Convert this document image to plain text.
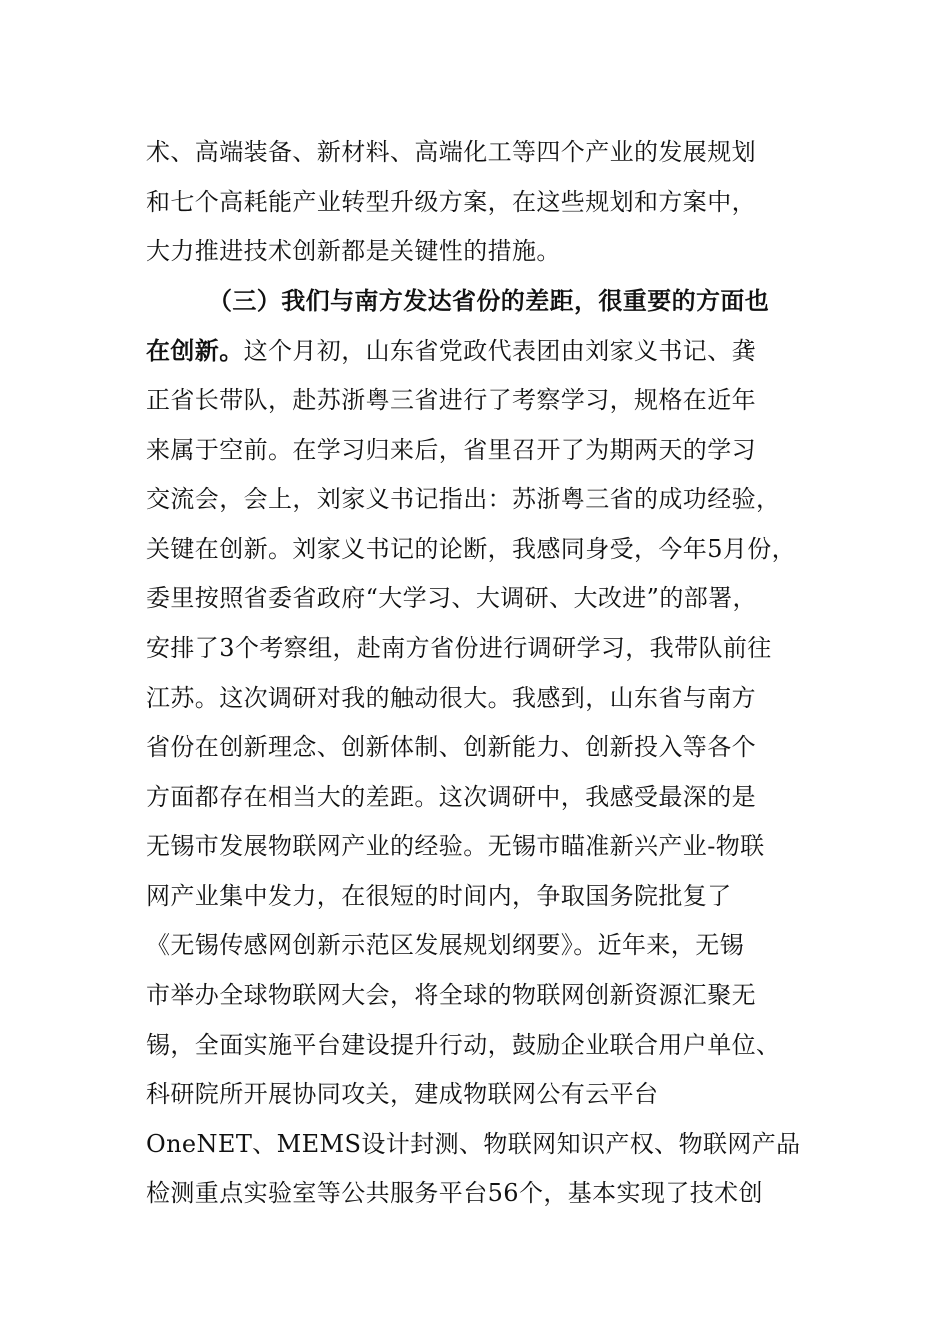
术、高端装备、新材料、高端化工等四个产业的发展规划
和七个高耗能产业转型升级方案，在这些规划和方案中，
大力推进技术创新都是关键性的措施。
（三）我们与南方发达省份的差距，很重要的方面也
在创新。这个月初，山东省党政代表团由刘家义书记、龚
正省长带队，赴苏浙粤三省进行了考察学习，规格在近年
来属于空前。在学习归来后，省里召开了为期两天的学习
交流会，会上，刘家义书记指出：苏浙粤三省的成功经验，
关键在创新。刘家义书记的论断，我感同身受，今年5月份，
委里按照省委省政府“大学习、大调研、大改进”的部署，
安排了3个考察组，赴南方省份进行调研学习，我带队前往
江苏。这次调研对我的触动很大。我感到，山东省与南方
省份在创新理念、创新体制、创新能力、创新投入等各个
方面都存在相当大的差距。这次调研中，我感受最深的是
无锡市发展物联网产业的经验。无锡市瞄准新兴产业-物联
网产业集中发力，在很短的时间内，争取国务院批复了
《无锡传感网创新示范区发展规划纲要》。近年来，无锡
市举办全球物联网大会，将全球的物联网创新资源汇聚无
锡，全面实施平台建设提升行动，鼓励企业联合用户单位、
科研院所开展协同攻关，建成物联网公有云平台
OneNET、MEMS设计封测、物联网知识产权、物联网产品
检测重点实验室等公共服务平台56个，基本实现了技术创
